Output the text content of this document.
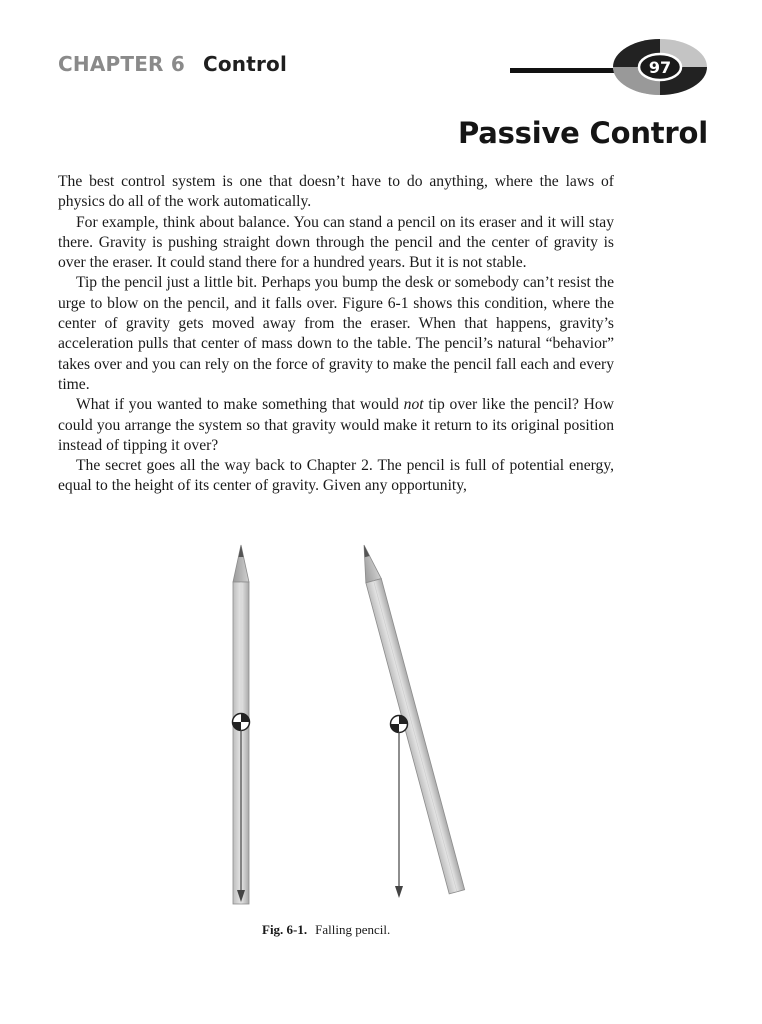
CHAPTER 6 Control	97
Passive Control

The best control system is one that doesn’t have to do anything, where the laws of physics do all of the work automatically.

For example, think about balance. You can stand a pencil on its eraser and it will stay there. Gravity is pushing straight down through the pencil and the center of gravity is over the eraser. It could stand there for a hundred years. But it is not stable.

Tip the pencil just a little bit. Perhaps you bump the desk or somebody can’t resist the urge to blow on the pencil, and it falls over. Figure 6-1 shows this condition, where the center of gravity gets moved away from the eraser. When that happens, gravity’s acceleration pulls that center of mass down to the table. The pencil’s natural “behavior” takes over and you can rely on the force of gravity to make the pencil fall each and every time.

What if you wanted to make something that would not tip over like the pencil? How could you arrange the system so that gravity would make it return to its original position instead of tipping it over?

The secret goes all the way back to Chapter 2. The pencil is full of potential energy, equal to the height of its center of gravity. Given any opportunity,

Fig. 6-1. Falling pencil.
